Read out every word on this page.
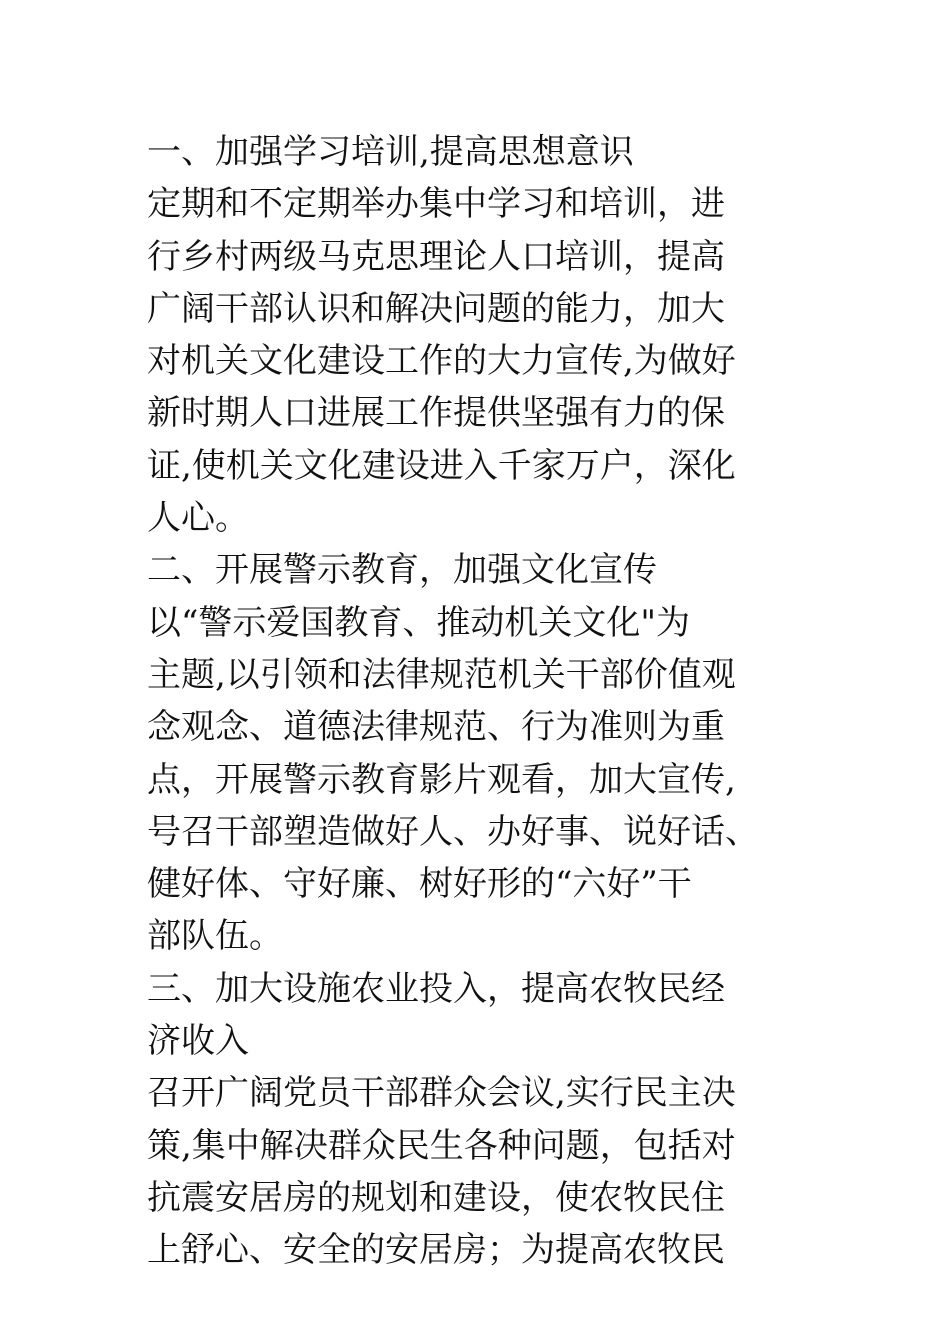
一、加强学习培训,提高思想意识
定期和不定期举办集中学习和培训，进
行乡村两级马克思理论人口培训，提高
广阔干部认识和解决问题的能力，加大
对机关文化建设工作的大力宣传,为做好
新时期人口进展工作提供坚强有力的保
证,使机关文化建设进入千家万户，深化
人心。
二、开展警示教育，加强文化宣传
以“警示爱国教育、推动机关文化"为
主题,以引领和法律规范机关干部价值观
念观念、道德法律规范、行为准则为重
点，开展警示教育影片观看，加大宣传,
号召干部塑造做好人、办好事、说好话、
健好体、守好廉、树好形的“六好”干
部队伍。
三、加大设施农业投入，提高农牧民经
济收入
召开广阔党员干部群众会议,实行民主决
策,集中解决群众民生各种问题，包括对
抗震安居房的规划和建设，使农牧民住
上舒心、安全的安居房；为提高农牧民
